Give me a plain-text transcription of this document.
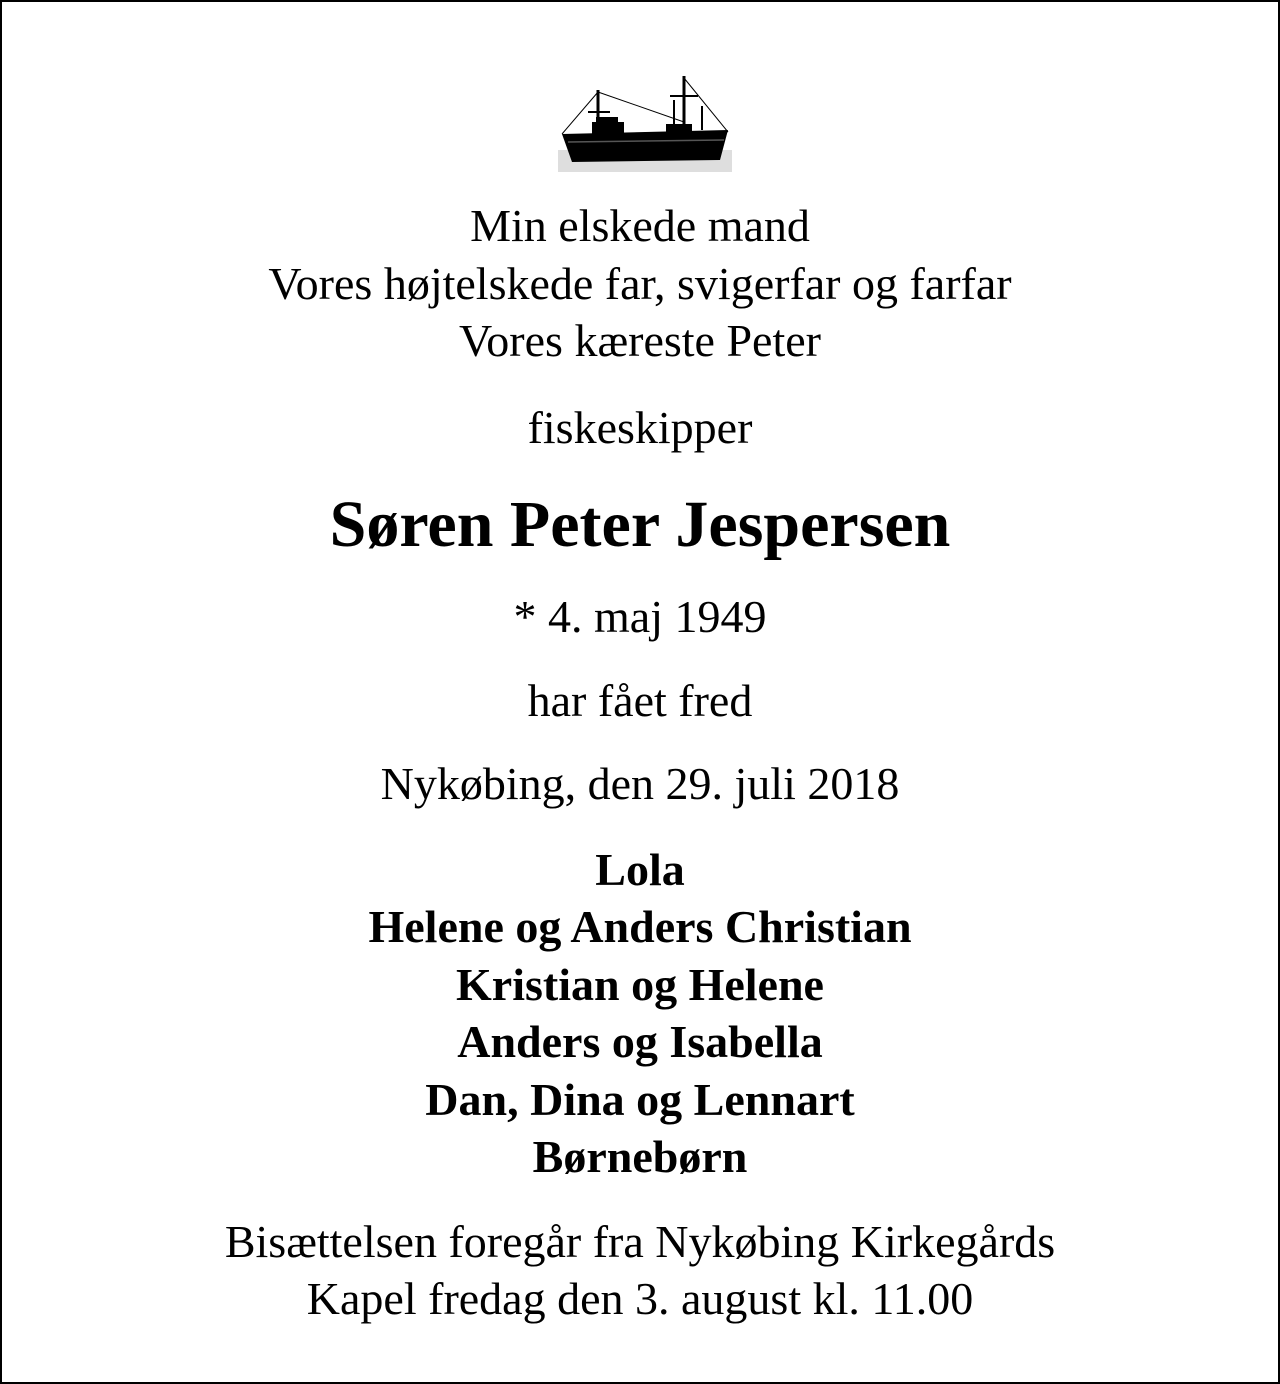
Min elskede mand
Vores højtelskede far, svigerfar og farfar
Vores kæreste Peter
fiskeskipper
Søren Peter Jespersen
* 4. maj 1949
har fået fred
Nykøbing, den 29. juli 2018
Lola
Helene og Anders Christian
Kristian og Helene
Anders og Isabella
Dan, Dina og Lennart
Børnebørn
Bisættelsen foregår fra Nykøbing Kirkegårds
Kapel fredag den 3. august kl. 11.00
